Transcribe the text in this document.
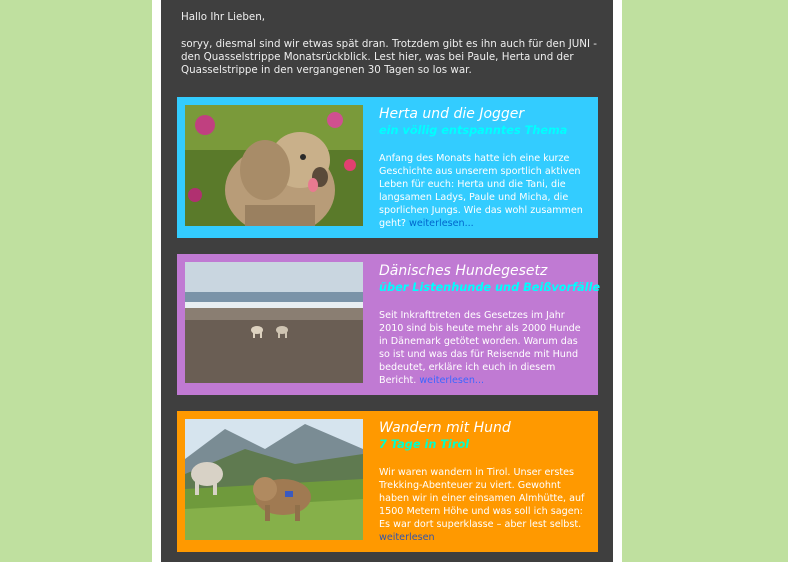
Hallo Ihr Lieben,
soryy, diesmal sind wir etwas spät dran. Trotzdem gibt es ihn auch für den JUNI - den Quasselstrippe Monatsrückblick. Lest hier, was bei Paule, Herta und der Quasselstrippe in den vergangenen 30 Tagen so los war.
Herta und die Jogger
ein völlig entspanntes Thema
Anfang des Monats hatte ich eine kurze Geschichte aus unserem sportlich aktiven Leben für euch: Herta und die Tani, die langsamen Ladys, Paule und Micha, die sporlichen Jungs. Wie das wohl zusammen geht? weiterlesen...
Dänisches Hundegesetz
über Listenhunde und Beißvorfälle
Seit Inkrafttreten des Gesetzes im Jahr 2010 sind bis heute mehr als 2000 Hunde in Dänemark getötet worden. Warum das so ist und was das für Reisende mit Hund bedeutet, erkläre ich euch in diesem Bericht. weiterlesen...
Wandern mit Hund
7 Tage in Tirol
Wir waren wandern in Tirol. Unser erstes Trekking-Abenteuer zu viert. Gewohnt haben wir in einer einsamen Almhütte, auf 1500 Metern Höhe und was soll ich sagen: Es war dort superklasse – aber lest selbst. weiterlesen
